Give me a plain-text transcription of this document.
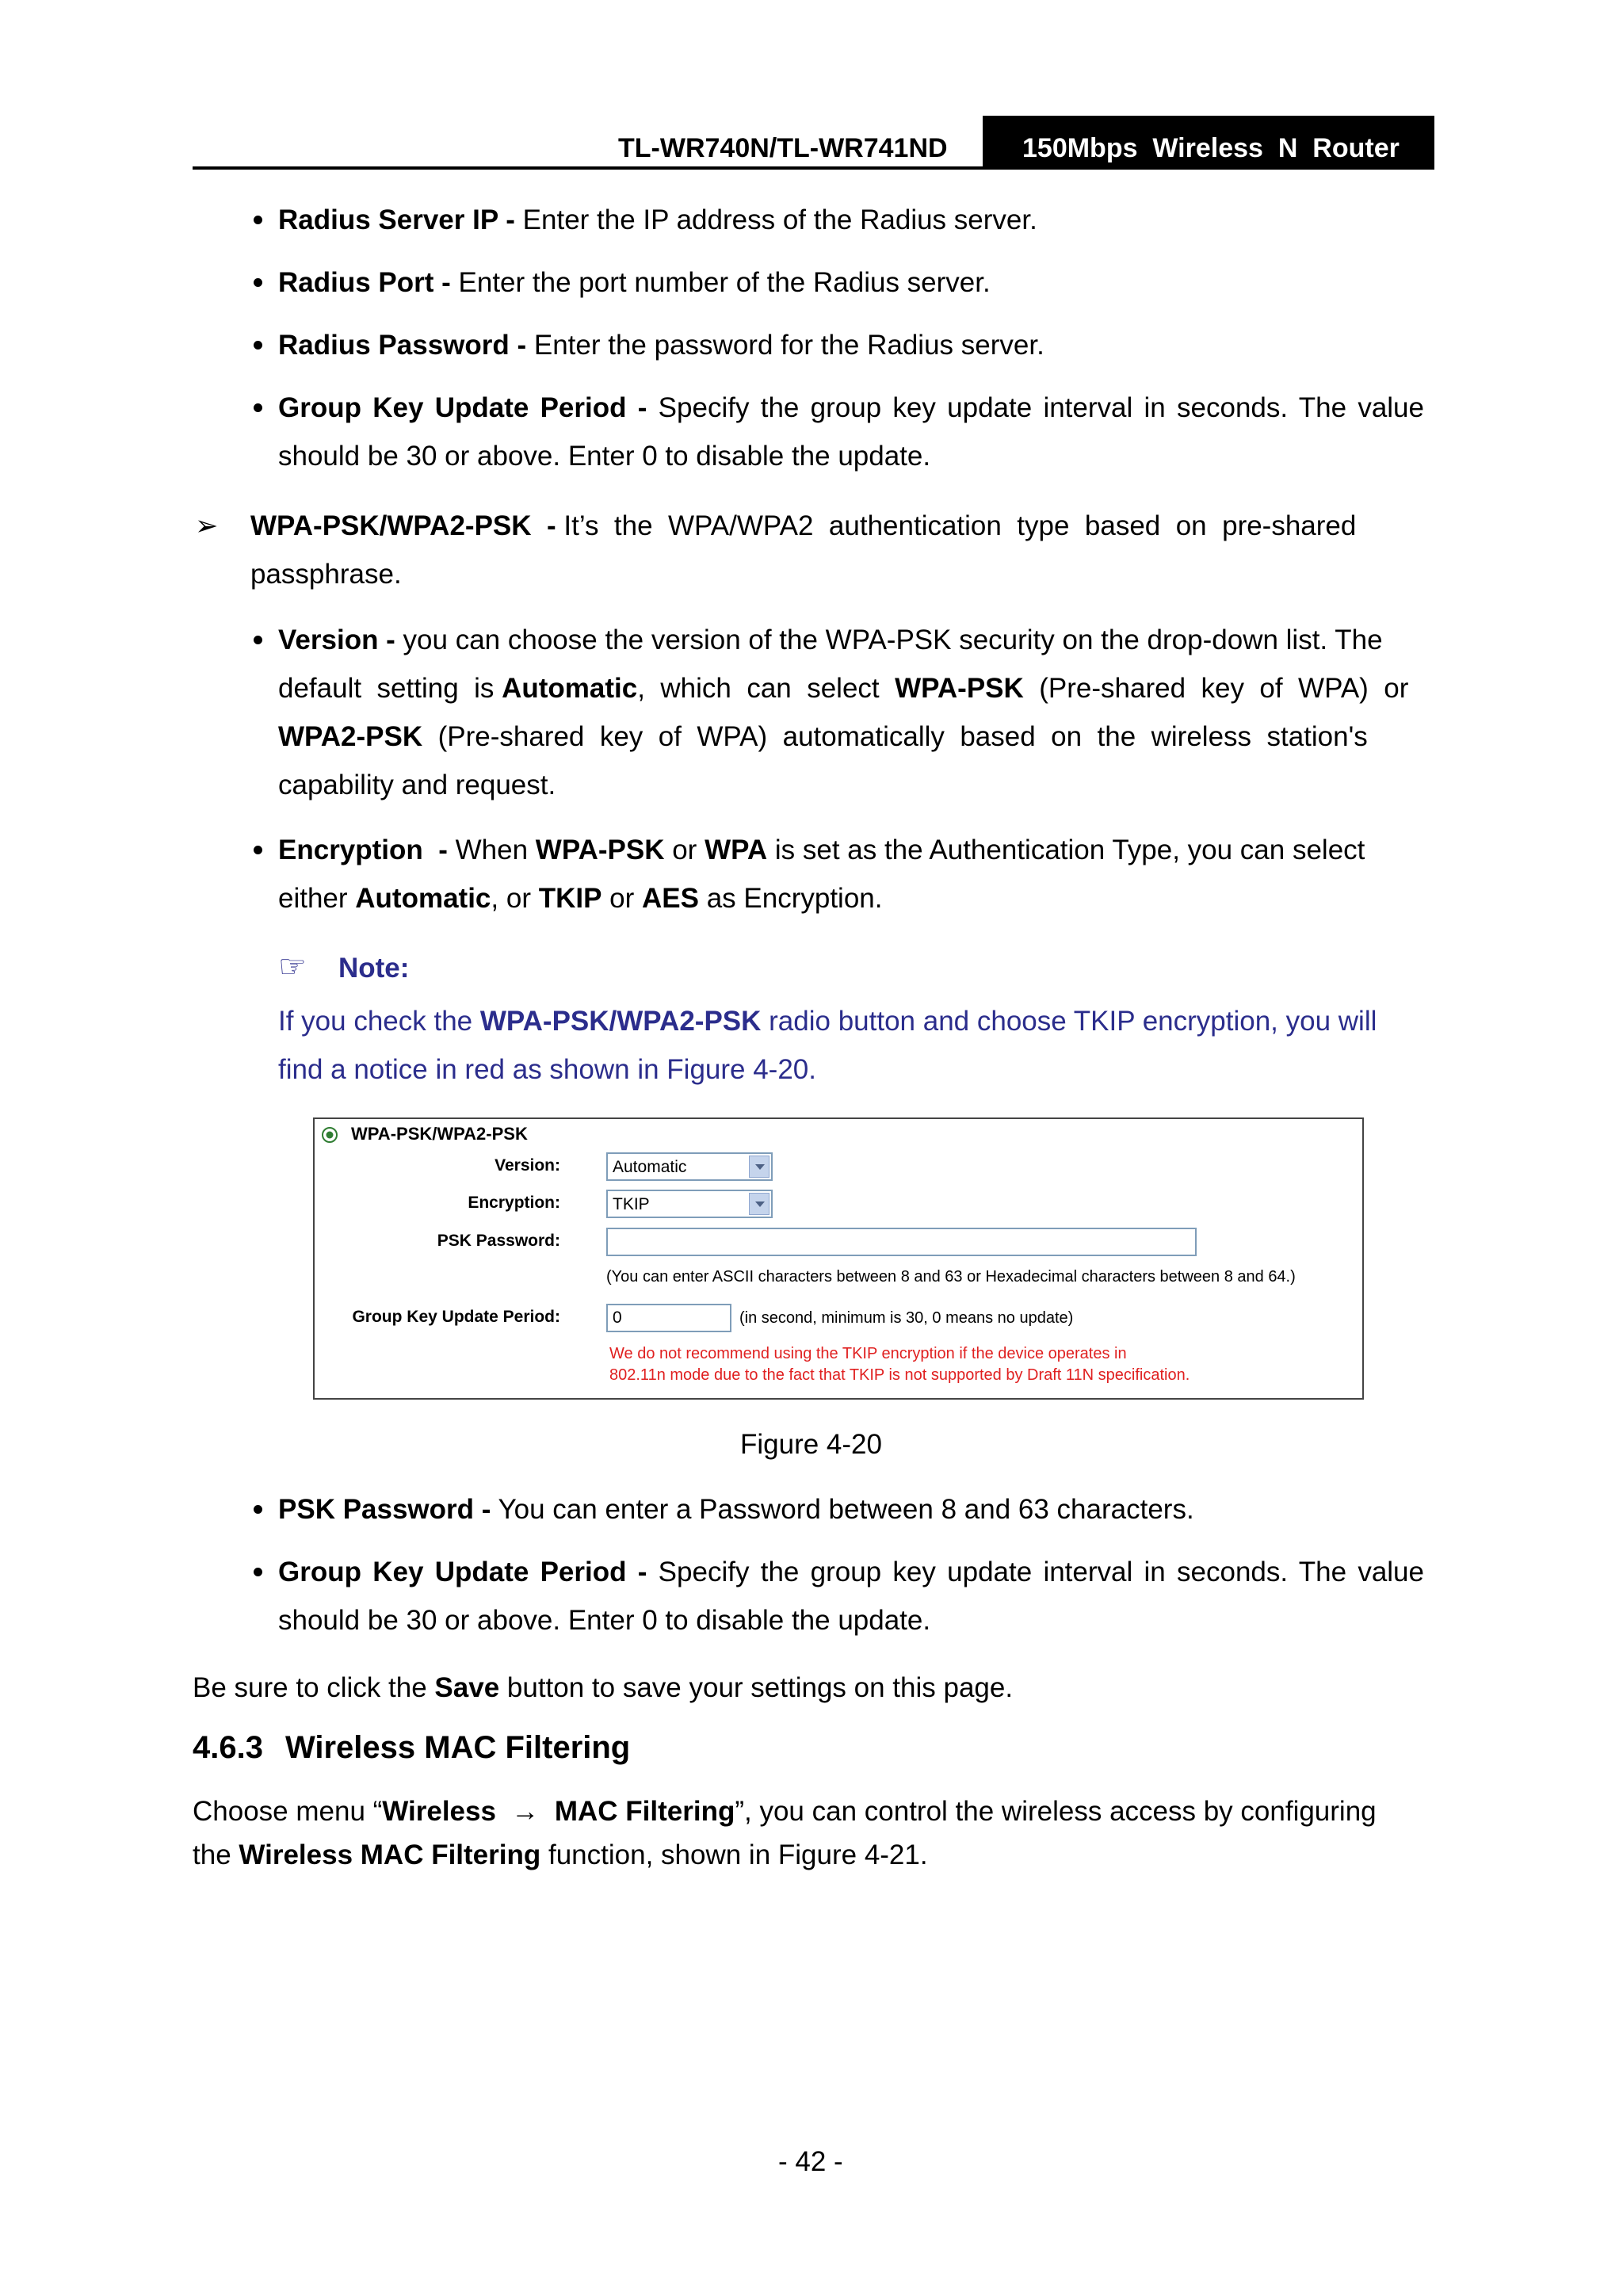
TL-WR740N/TL-WR741ND	150Mbps  Wireless  N  Router
Radius Server IP - Enter the IP address of the Radius server.
Radius Port - Enter the port number of the Radius server.
Radius Password - Enter the password for the Radius server.
Group Key Update Period - Specify the group key update interval in seconds. The value
should be 30 or above. Enter 0 to disable the update.
➢ WPA-PSK/WPA2-PSK  - It’s  the  WPA/WPA2  authentication  type  based  on  pre-shared
passphrase.
Version - you can choose the version of the WPA-PSK security on the drop-down list. The
default  setting  is Automatic,  which  can  select  WPA-PSK  (Pre-shared  key  of  WPA)  or
WPA2-PSK  (Pre-shared  key  of  WPA)  automatically  based  on  the  wireless  station's
capability and request.
Encryption  - When WPA-PSK or WPA is set as the Authentication Type, you can select
either Automatic, or TKIP or AES as Encryption.
☞ Note:
If you check the WPA-PSK/WPA2-PSK radio button and choose TKIP encryption, you will
find a notice in red as shown in Figure 4-20.
WPA-PSK/WPA2-PSK
Version:	Automatic
Encryption:	TKIP
PSK Password:
(You can enter ASCII characters between 8 and 63 or Hexadecimal characters between 8 and 64.)
Group Key Update Period:	0	(in second, minimum is 30, 0 means no update)
We do not recommend using the TKIP encryption if the device operates in
802.11n mode due to the fact that TKIP is not supported by Draft 11N specification.
Figure 4-20
PSK Password - You can enter a Password between 8 and 63 characters.
Group Key Update Period - Specify the group key update interval in seconds. The value
should be 30 or above. Enter 0 to disable the update.
Be sure to click the Save button to save your settings on this page.
4.6.3 Wireless MAC Filtering
Choose menu “Wireless  →  MAC Filtering”, you can control the wireless access by configuring
the Wireless MAC Filtering function, shown in Figure 4-21.
- 42 -
